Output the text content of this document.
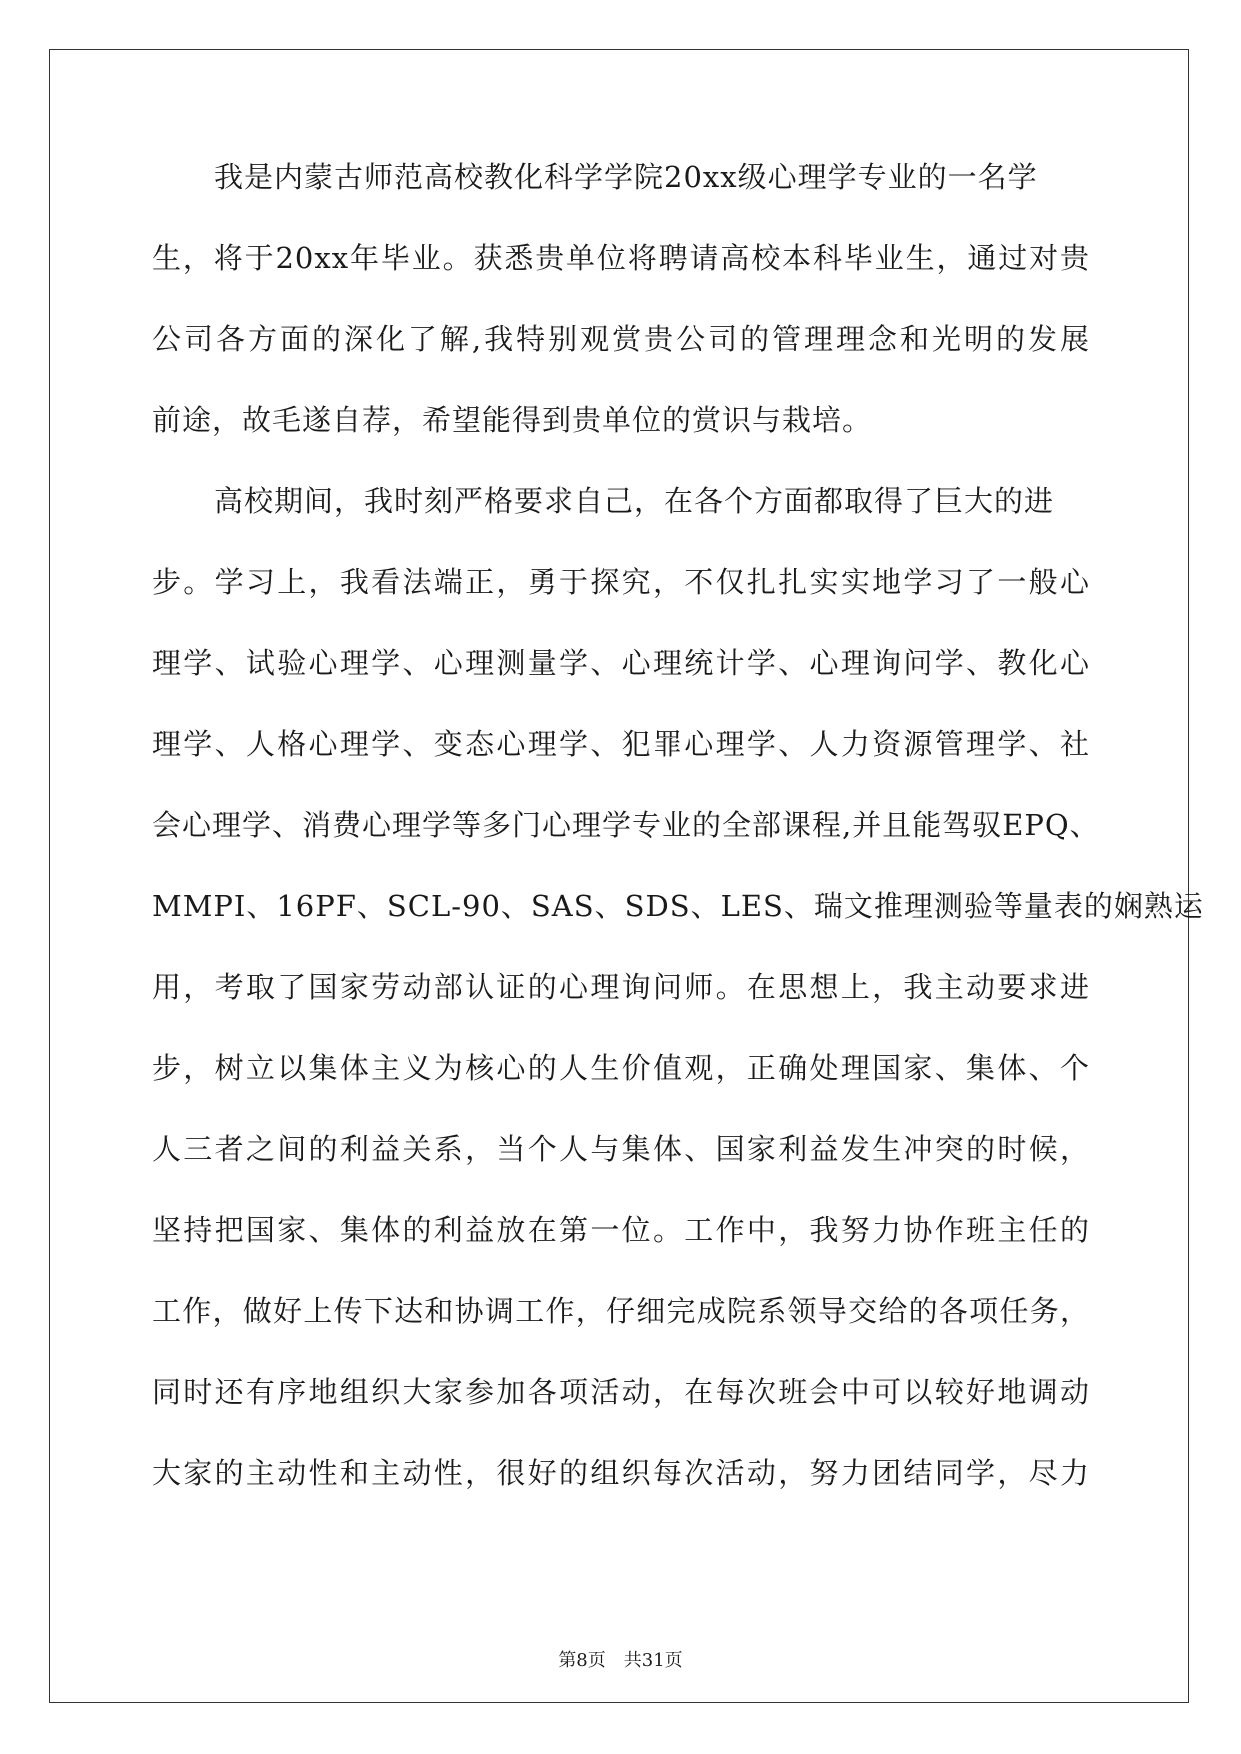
我是内蒙古师范高校教化科学学院20xx级心理学专业的一名学
生，将于20xx年毕业。获悉贵单位将聘请高校本科毕业生，通过对贵
公司各方面的深化了解,我特别观赏贵公司的管理理念和光明的发展
前途，故毛遂自荐，希望能得到贵单位的赏识与栽培。
高校期间，我时刻严格要求自己，在各个方面都取得了巨大的进
步。学习上，我看法端正，勇于探究，不仅扎扎实实地学习了一般心
理学、试验心理学、心理测量学、心理统计学、心理询问学、教化心
理学、人格心理学、变态心理学、犯罪心理学、人力资源管理学、社
会心理学、消费心理学等多门心理学专业的全部课程,并且能驾驭EPQ、
MMPI、16PF、SCL-90、SAS、SDS、LES、瑞文推理测验等量表的娴熟运
用，考取了国家劳动部认证的心理询问师。在思想上，我主动要求进
步，树立以集体主义为核心的人生价值观，正确处理国家、集体、个
人三者之间的利益关系，当个人与集体、国家利益发生冲突的时候，
坚持把国家、集体的利益放在第一位。工作中，我努力协作班主任的
工作，做好上传下达和协调工作，仔细完成院系领导交给的各项任务，
同时还有序地组织大家参加各项活动，在每次班会中可以较好地调动
大家的主动性和主动性，很好的组织每次活动，努力团结同学，尽力
第8页 共31页
